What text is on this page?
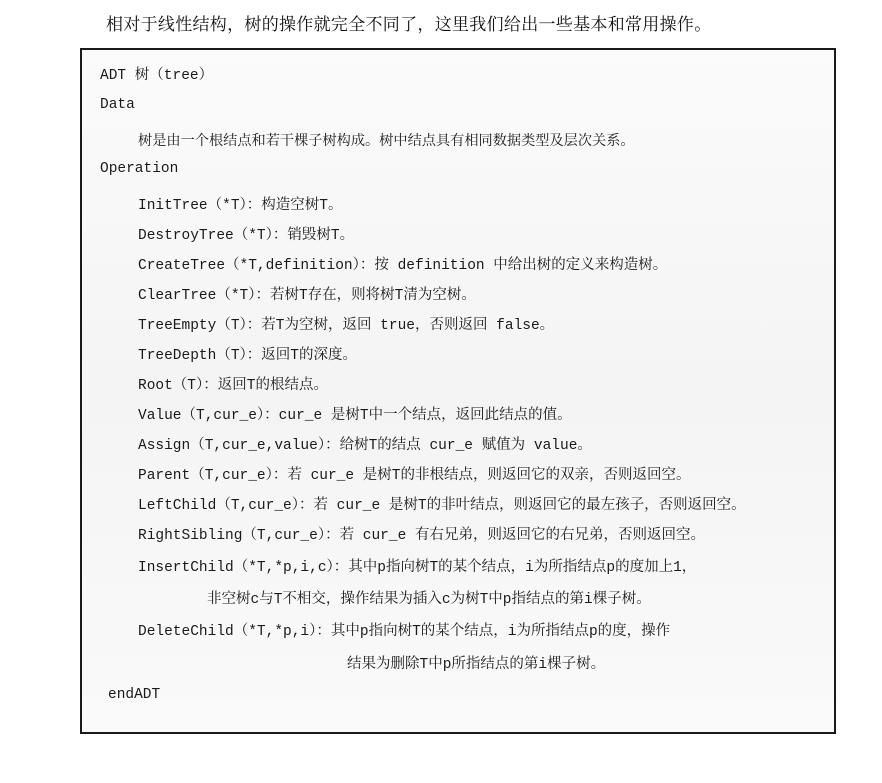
相对于线性结构，树的操作就完全不同了，这里我们给出一些基本和常用操作。
ADT 树（tree）
Data
树是由一个根结点和若干棵子树构成。树中结点具有相同数据类型及层次关系。
Operation
InitTree（*T）：构造空树T。
DestroyTree（*T）：销毁树T。
CreateTree（*T,definition）：按 definition 中给出树的定义来构造树。
ClearTree（*T）：若树T存在，则将树T清为空树。
TreeEmpty（T）：若T为空树，返回 true，否则返回 false。
TreeDepth（T）：返回T的深度。
Root（T）：返回T的根结点。
Value（T,cur_e）：cur_e 是树T中一个结点，返回此结点的值。
Assign（T,cur_e,value）：给树T的结点 cur_e 赋值为 value。
Parent（T,cur_e）：若 cur_e 是树T的非根结点，则返回它的双亲，否则返回空。
LeftChild（T,cur_e）：若 cur_e 是树T的非叶结点，则返回它的最左孩子，否则返回空。
RightSibling（T,cur_e）：若 cur_e 有右兄弟，则返回它的右兄弟，否则返回空。
InsertChild（*T,*p,i,c）：其中p指向树T的某个结点，i为所指结点p的度加上1，
非空树c与T不相交，操作结果为插入c为树T中p指结点的第i棵子树。
DeleteChild（*T,*p,i）：其中p指向树T的某个结点，i为所指结点p的度，操作
结果为删除T中p所指结点的第i棵子树。
endADT
